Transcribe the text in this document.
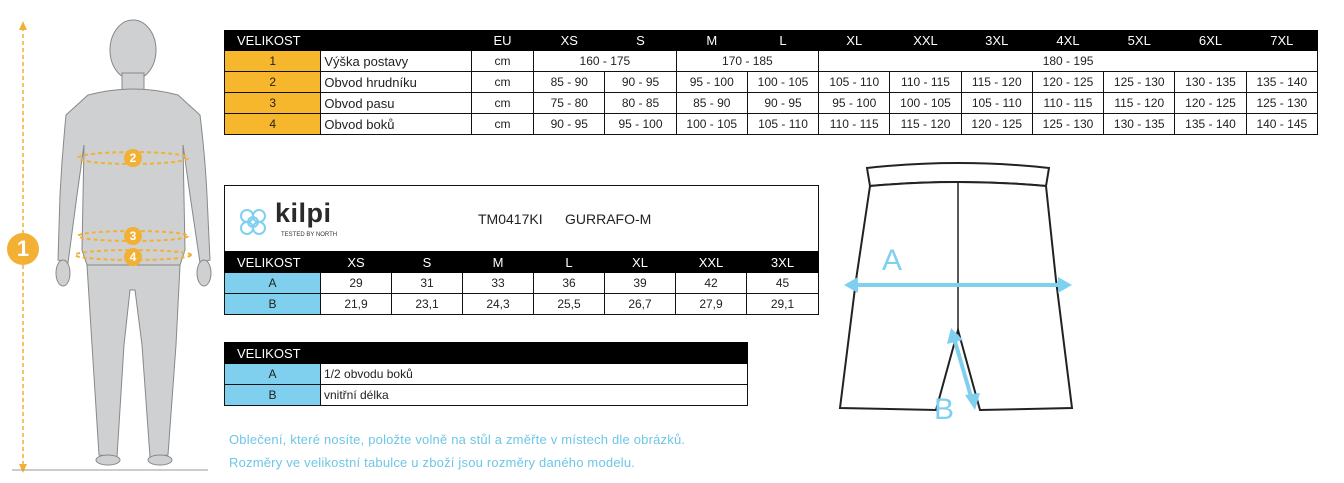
1
2
3
4
VELIKOST		EU	XS	S	M	L	XL	XXL	3XL	4XL	5XL	6XL	7XL
1	Výška postavy	cm	160 - 175		170 - 185		180 - 195						
2	Obvod hrudníku	cm	85 - 90	90 - 95	95 - 100	100 - 105	105 - 110	110 - 115	115 - 120	120 - 125	125 - 130	130 - 135	135 - 140
3	Obvod pasu	cm	75 - 80	80 - 85	85 - 90	90 - 95	95 - 100	100 - 105	105 - 110	110 - 115	115 - 120	120 - 125	125 - 130
4	Obvod boků	cm	90 - 95	95 - 100	100 - 105	105 - 110	110 - 115	115 - 120	120 - 125	125 - 130	130 - 135	135 - 140	140 - 145
kilpi
TESTED BY NORTH
TM0417KI GURRAFO-M
VELIKOST	XS	S	M	L	XL	XXL	3XL
A	29	31	33	36	39	42	45
B	21,9	23,1	24,3	25,5	26,7	27,9	29,1
VELIKOST	
A	1/2 obvodu boků
B	vnitřní délka
Oblečení, které nosíte, položte volně na stůl a změřte v místech dle obrázků.
Rozměry ve velikostní tabulce u zboží jsou rozměry daného modelu.
A
B
